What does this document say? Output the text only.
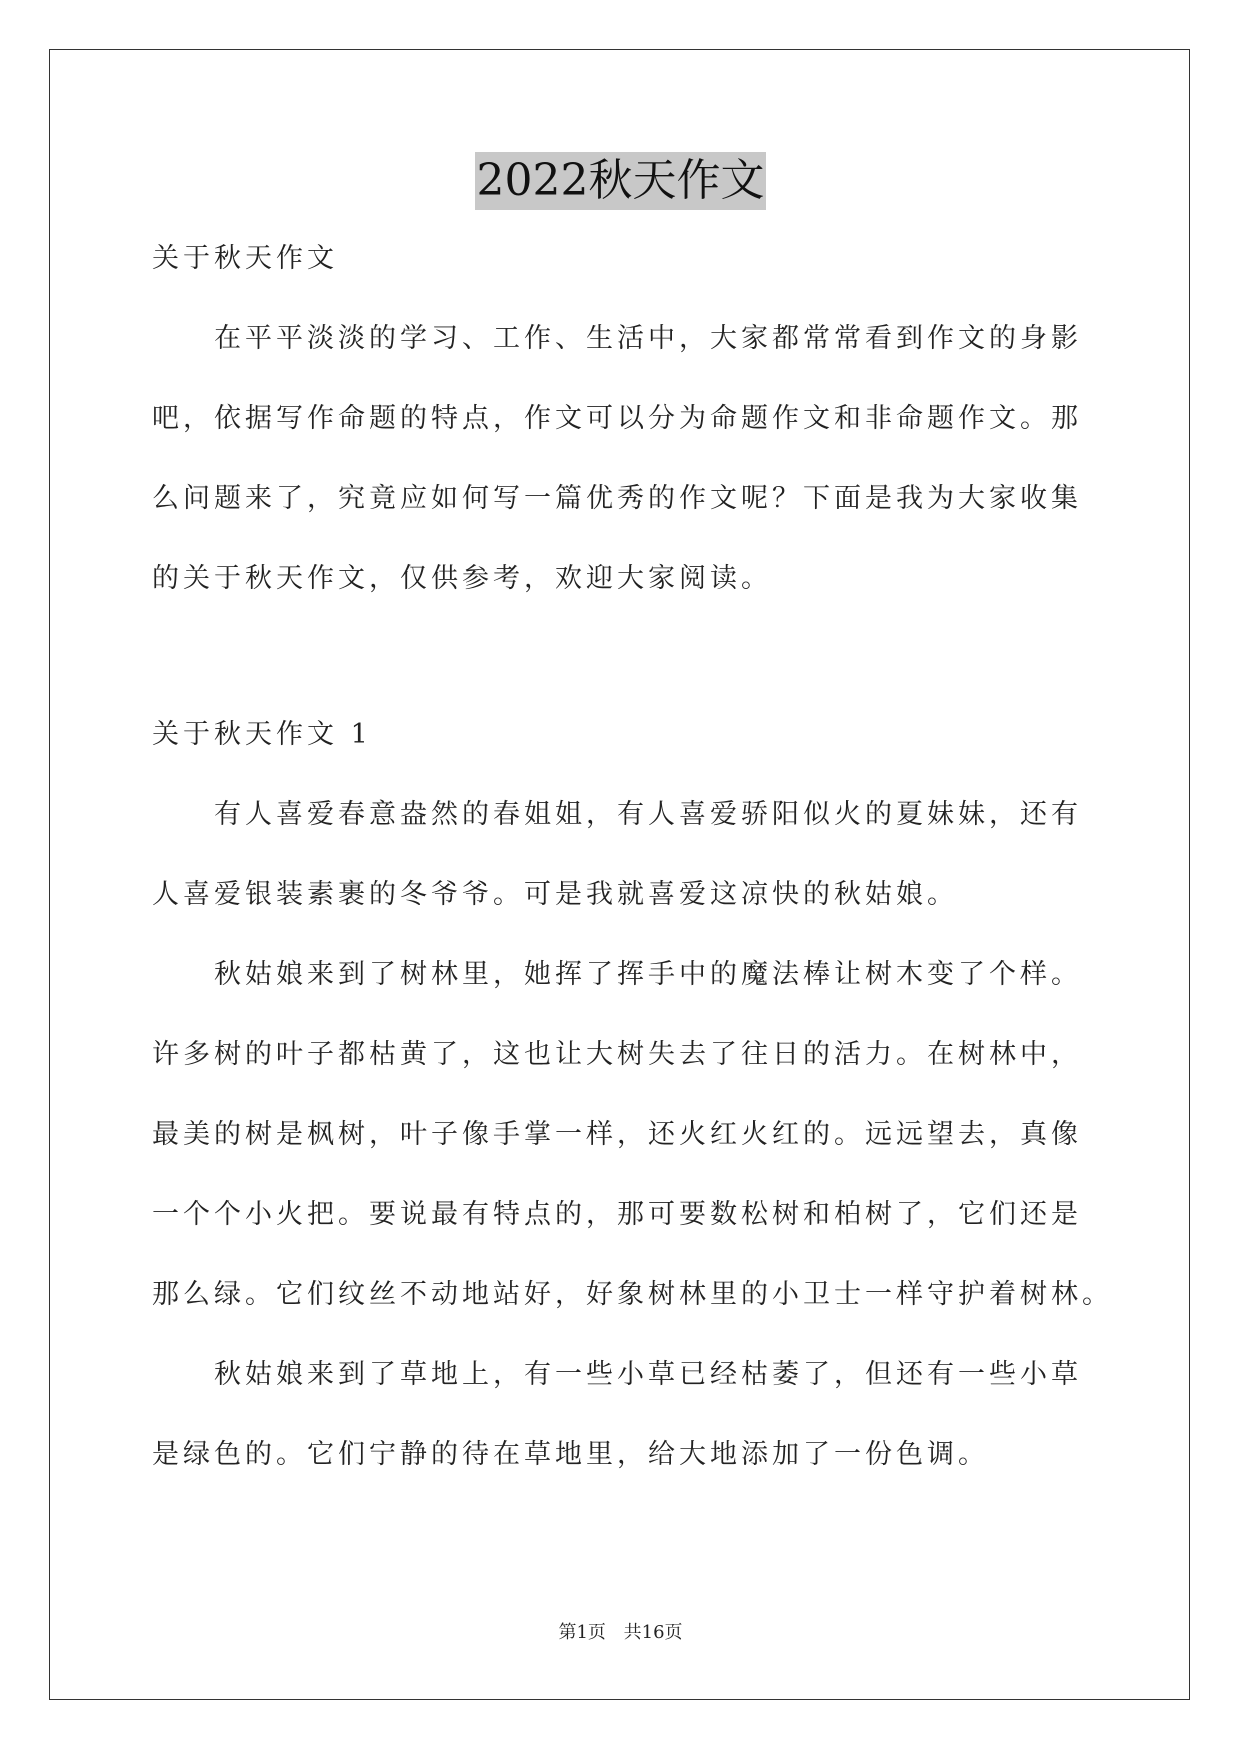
2022秋天作文
关于秋天作文
在平平淡淡的学习、工作、生活中，大家都常常看到作文的身影
吧，依据写作命题的特点，作文可以分为命题作文和非命题作文。那
么问题来了，究竟应如何写一篇优秀的作文呢？下面是我为大家收集
的关于秋天作文，仅供参考，欢迎大家阅读。
关于秋天作文 1
有人喜爱春意盎然的春姐姐，有人喜爱骄阳似火的夏妹妹，还有
人喜爱银装素裹的冬爷爷。可是我就喜爱这凉快的秋姑娘。
秋姑娘来到了树林里，她挥了挥手中的魔法棒让树木变了个样。
许多树的叶子都枯黄了，这也让大树失去了往日的活力。在树林中，
最美的树是枫树，叶子像手掌一样，还火红火红的。远远望去，真像
一个个小火把。要说最有特点的，那可要数松树和柏树了，它们还是
那么绿。它们纹丝不动地站好，好象树林里的小卫士一样守护着树林。
秋姑娘来到了草地上，有一些小草已经枯萎了，但还有一些小草
是绿色的。它们宁静的待在草地里，给大地添加了一份色调。
第1页 共16页
